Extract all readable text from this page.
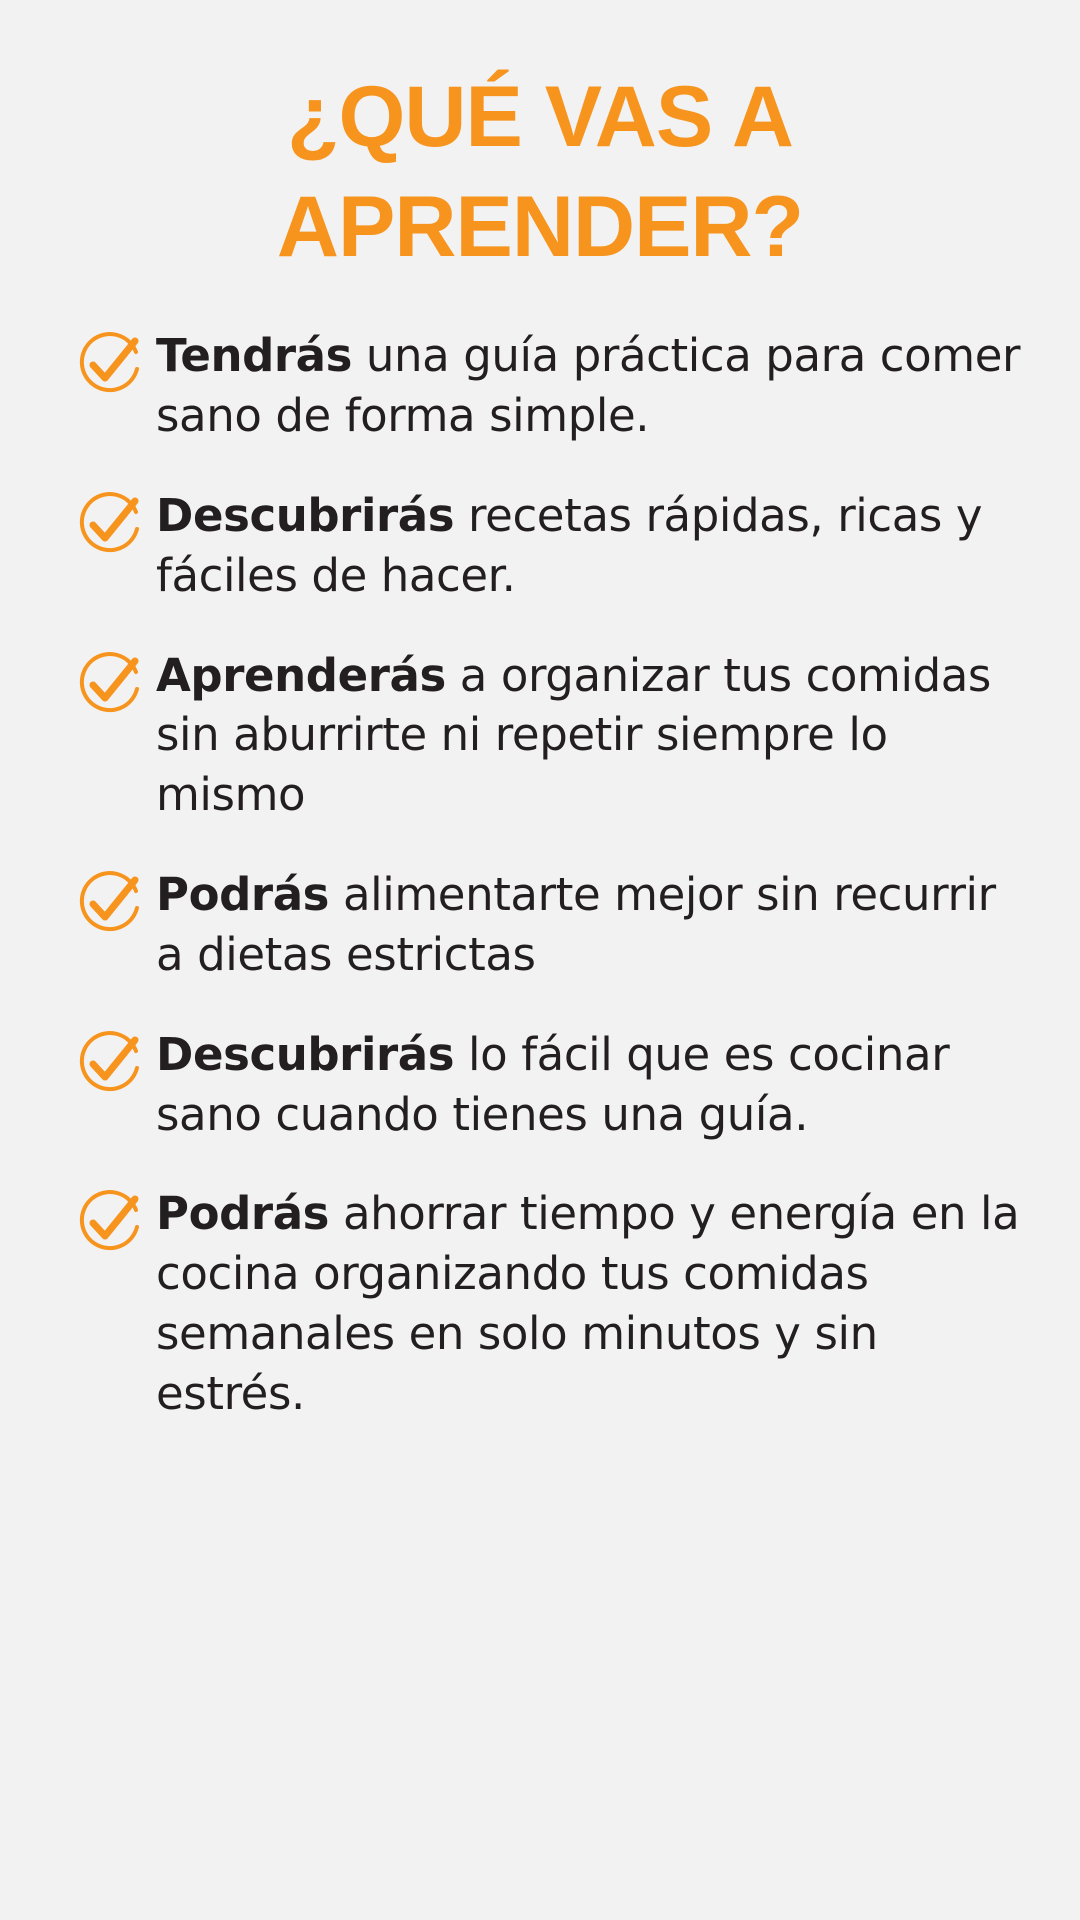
¿QUÉ VAS A APRENDER?
Tendrás una guía práctica para comer sano de forma simple.
Descubrirás recetas rápidas, ricas y fáciles de hacer.
Aprenderás a organizar tus comidas sin aburrirte ni repetir siempre lo mismo
Podrás alimentarte mejor sin recurrir a dietas estrictas
Descubrirás lo fácil que es cocinar sano cuando tienes una guía.
Podrás ahorrar tiempo y energía en la cocina organizando tus comidas semanales en solo minutos y sin estrés.
